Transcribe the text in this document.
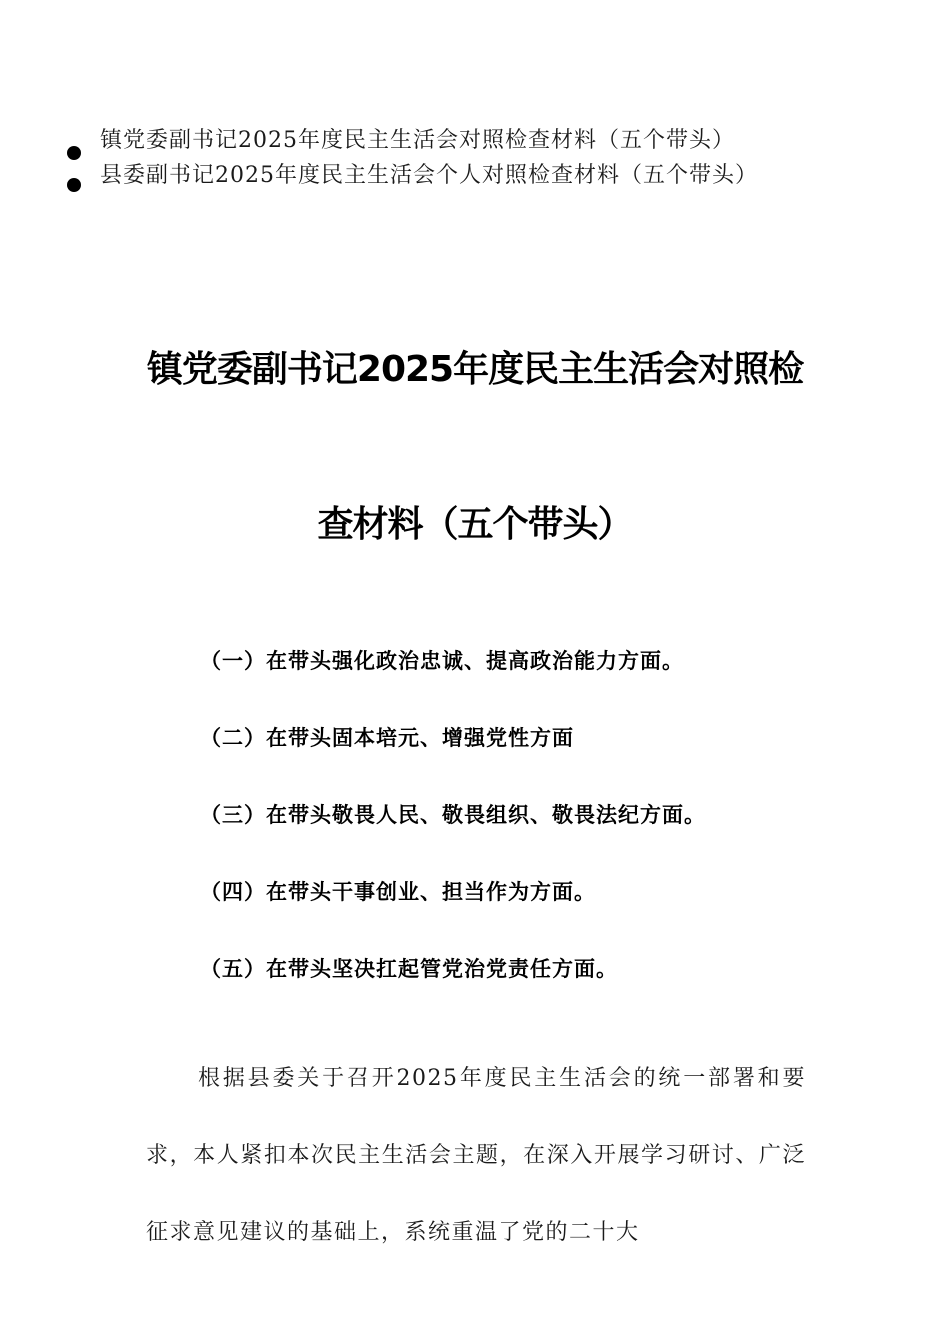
镇党委副书记2025年度民主生活会对照检查材料（五个带头）
县委副书记2025年度民主生活会个人对照检查材料（五个带头）
镇党委副书记2025年度民主生活会对照检
查材料（五个带头）
（一）在带头强化政治忠诚、提高政治能力方面。
（二）在带头固本培元、增强党性方面
（三）在带头敬畏人民、敬畏组织、敬畏法纪方面。
（四）在带头干事创业、担当作为方面。
（五）在带头坚决扛起管党治党责任方面。

根据县委关于召开2025年度民主生活会的统一部署和要求，本人紧扣本次民主生活会主题，在深入开展学习研讨、广泛征求意见建议的基础上，系统重温了党的二十大
